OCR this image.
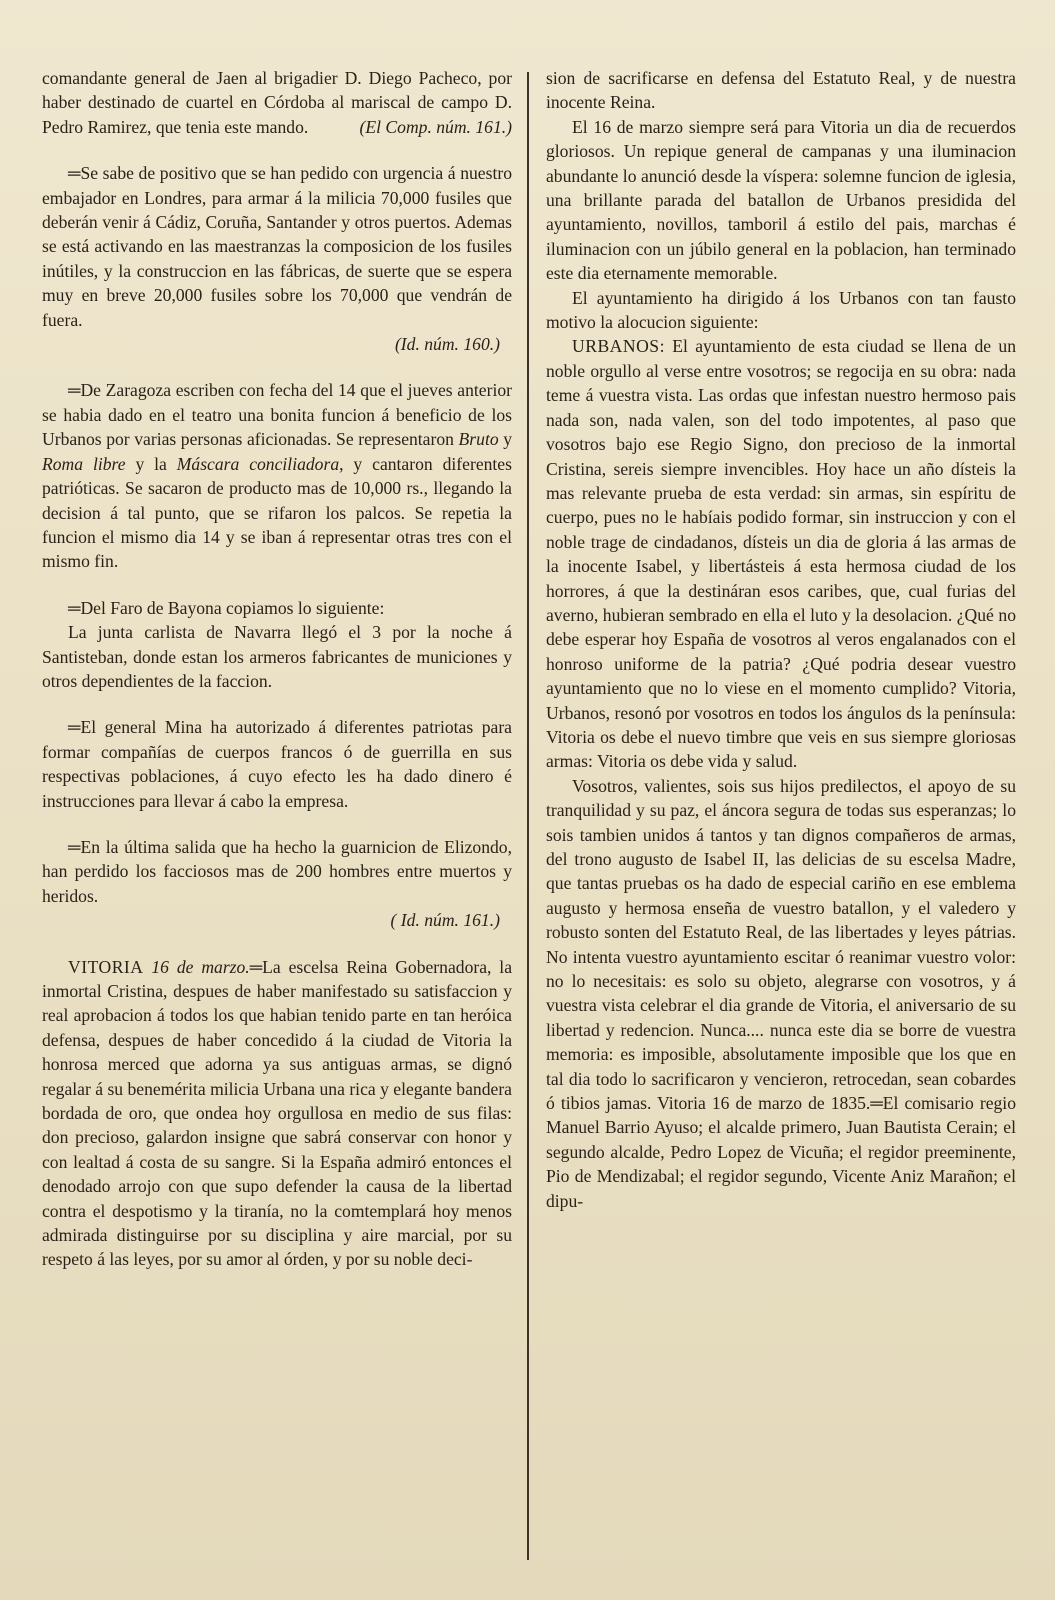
comandante general de Jaen al brigadier D. Diego Pacheco, por haber destinado de cuartel en Córdoba al mariscal de campo D. Pedro Ramirez, que tenia este mando.	(El Comp. núm. 161.)

═Se sabe de positivo que se han pedido con urgencia á nuestro embajador en Londres, para armar á la milicia 70,000 fusiles que deberán venir á Cádiz, Coruña, Santander y otros puertos. Ademas se está activando en las maestranzas la composicion de los fusiles inútiles, y la construccion en las fábricas, de suerte que se espera muy en breve 20,000 fusiles sobre los 70,000 que vendrán de fuera.

(Id. núm. 160.)

═De Zaragoza escriben con fecha del 14 que el jueves anterior se habia dado en el teatro una bonita funcion á beneficio de los Urbanos por varias personas aficionadas. Se representaron Bruto y Roma libre y la Máscara conciliadora, y cantaron diferentes patrióticas. Se sacaron de producto mas de 10,000 rs., llegando la decision á tal punto, que se rifaron los palcos. Se repetia la funcion el mismo dia 14 y se iban á representar otras tres con el mismo fin.

═Del Faro de Bayona copiamos lo siguiente:

La junta carlista de Navarra llegó el 3 por la noche á Santisteban, donde estan los armeros fabricantes de municiones y otros dependientes de la faccion.

═El general Mina ha autorizado á diferentes patriotas para formar compañías de cuerpos francos ó de guerrilla en sus respectivas poblaciones, á cuyo efecto les ha dado dinero é instrucciones para llevar á cabo la empresa.

═En la última salida que ha hecho la guarnicion de Elizondo, han perdido los facciosos mas de 200 hombres entre muertos y heridos.

( Id. núm. 161.)

VITORIA 16 de marzo.═La escelsa Reina Gobernadora, la inmortal Cristina, despues de haber manifestado su satisfaccion y real aprobacion á todos los que habian tenido parte en tan heróica defensa, despues de haber concedido á la ciudad de Vitoria la honrosa merced que adorna ya sus antiguas armas, se dignó regalar á su benemérita milicia Urbana una rica y elegante bandera bordada de oro, que ondea hoy orgullosa en medio de sus filas: don precioso, galardon insigne que sabrá conservar con honor y con lealtad á costa de su sangre. Si la España admiró entonces el denodado arrojo con que supo defender la causa de la libertad contra el despotismo y la tiranía, no la comtemplará hoy menos admirada distinguirse por su disciplina y aire marcial, por su respeto á las leyes, por su amor al órden, y por su noble deci-

sion de sacrificarse en defensa del Estatuto Real, y de nuestra inocente Reina.

El 16 de marzo siempre será para Vitoria un dia de recuerdos gloriosos. Un repique general de campanas y una iluminacion abundante lo anunció desde la víspera: solemne funcion de iglesia, una brillante parada del batallon de Urbanos presidida del ayuntamiento, novillos, tamboril á estilo del pais, marchas é iluminacion con un júbilo general en la poblacion, han terminado este dia eternamente memorable.

El ayuntamiento ha dirigido á los Urbanos con tan fausto motivo la alocucion siguiente:

URBANOS: El ayuntamiento de esta ciudad se llena de un noble orgullo al verse entre vosotros; se regocija en su obra: nada teme á vuestra vista. Las ordas que infestan nuestro hermoso pais nada son, nada valen, son del todo impotentes, al paso que vosotros bajo ese Regio Signo, don precioso de la inmortal Cristina, sereis siempre invencibles. Hoy hace un año dísteis la mas relevante prueba de esta verdad: sin armas, sin espíritu de cuerpo, pues no le habíais podido formar, sin instruccion y con el noble trage de cindadanos, dísteis un dia de gloria á las armas de la inocente Isabel, y libertásteis á esta hermosa ciudad de los horrores, á que la destináran esos caribes, que, cual furias del averno, hubieran sembrado en ella el luto y la desolacion. ¿Qué no debe esperar hoy España de vosotros al veros engalanados con el honroso uniforme de la patria? ¿Qué podria desear vuestro ayuntamiento que no lo viese en el momento cumplido? Vitoria, Urbanos, resonó por vosotros en todos los ángulos ds la península: Vitoria os debe el nuevo timbre que veis en sus siempre gloriosas armas: Vitoria os debe vida y salud.

Vosotros, valientes, sois sus hijos predilectos, el apoyo de su tranquilidad y su paz, el áncora segura de todas sus esperanzas; lo sois tambien unidos á tantos y tan dignos compañeros de armas, del trono augusto de Isabel II, las delicias de su escelsa Madre, que tantas pruebas os ha dado de especial cariño en ese emblema augusto y hermosa enseña de vuestro batallon, y el valedero y robusto sonten del Estatuto Real, de las libertades y leyes pátrias. No intenta vuestro ayuntamiento escitar ó reanimar vuestro volor: no lo necesitais: es solo su objeto, alegrarse con vosotros, y á vuestra vista celebrar el dia grande de Vitoria, el aniversario de su libertad y redencion. Nunca.... nunca este dia se borre de vuestra memoria: es imposible, absolutamente imposible que los que en tal dia todo lo sacrificaron y vencieron, retrocedan, sean cobardes ó tibios jamas. Vitoria 16 de marzo de 1835.═El comisario regio Manuel Barrio Ayuso; el alcalde primero, Juan Bautista Cerain; el segundo alcalde, Pedro Lopez de Vicuña; el regidor preeminente, Pio de Mendizabal; el regidor segundo, Vicente Aniz Marañon; el dipu-
